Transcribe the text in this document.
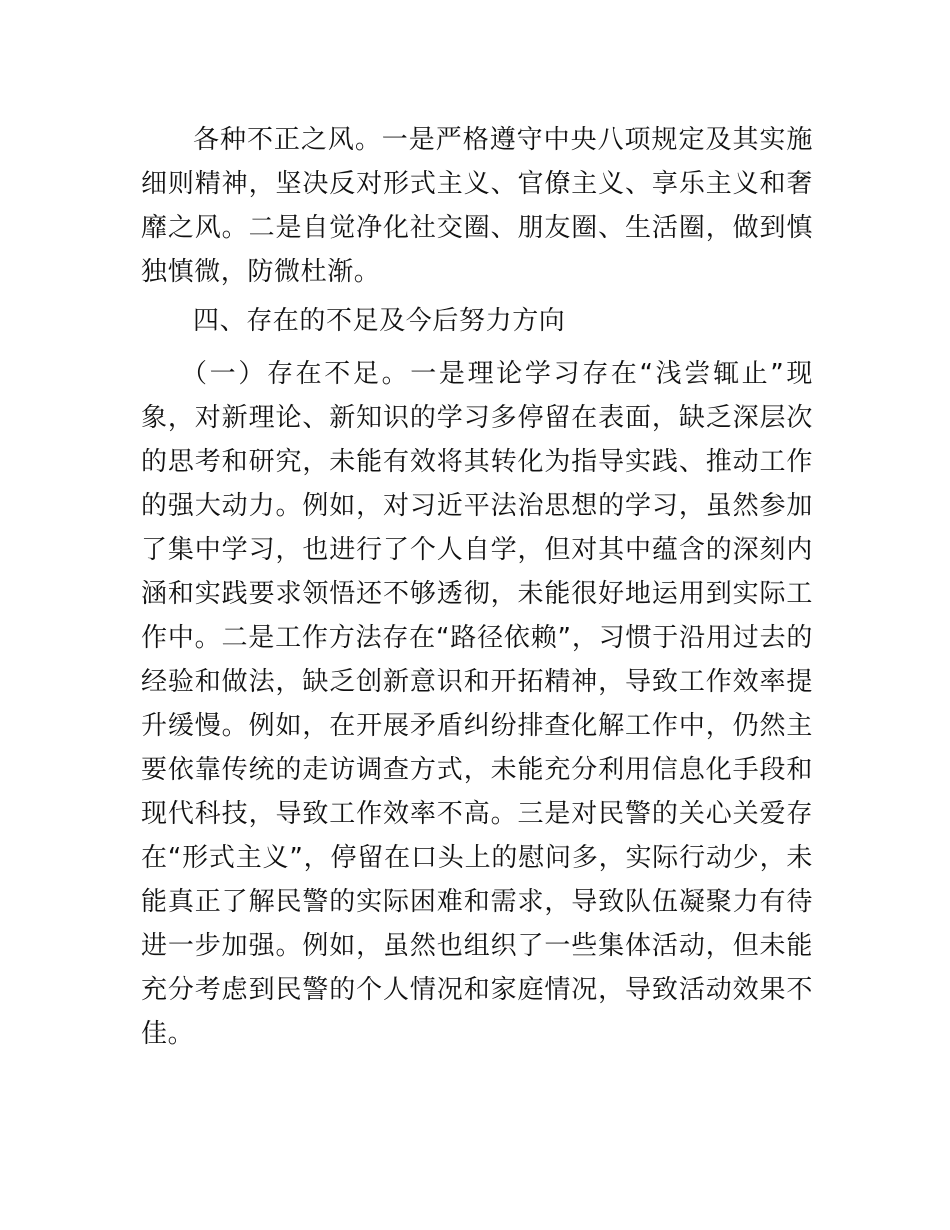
各种不正之风。一是严格遵守中央八项规定及其实施细则精神，坚决反对形式主义、官僚主义、享乐主义和奢靡之风。二是自觉净化社交圈、朋友圈、生活圈，做到慎独慎微，防微杜渐。

四、存在的不足及今后努力方向

（一）存在不足。一是理论学习存在“浅尝辄止”现象，对新理论、新知识的学习多停留在表面，缺乏深层次的思考和研究，未能有效将其转化为指导实践、推动工作的强大动力。例如，对习近平法治思想的学习，虽然参加了集中学习，也进行了个人自学，但对其中蕴含的深刻内涵和实践要求领悟还不够透彻，未能很好地运用到实际工作中。二是工作方法存在“路径依赖”，习惯于沿用过去的经验和做法，缺乏创新意识和开拓精神，导致工作效率提升缓慢。例如，在开展矛盾纠纷排查化解工作中，仍然主要依靠传统的走访调查方式，未能充分利用信息化手段和现代科技，导致工作效率不高。三是对民警的关心关爱存在“形式主义”，停留在口头上的慰问多，实际行动少，未能真正了解民警的实际困难和需求，导致队伍凝聚力有待进一步加强。例如，虽然也组织了一些集体活动，但未能充分考虑到民警的个人情况和家庭情况，导致活动效果不佳。
